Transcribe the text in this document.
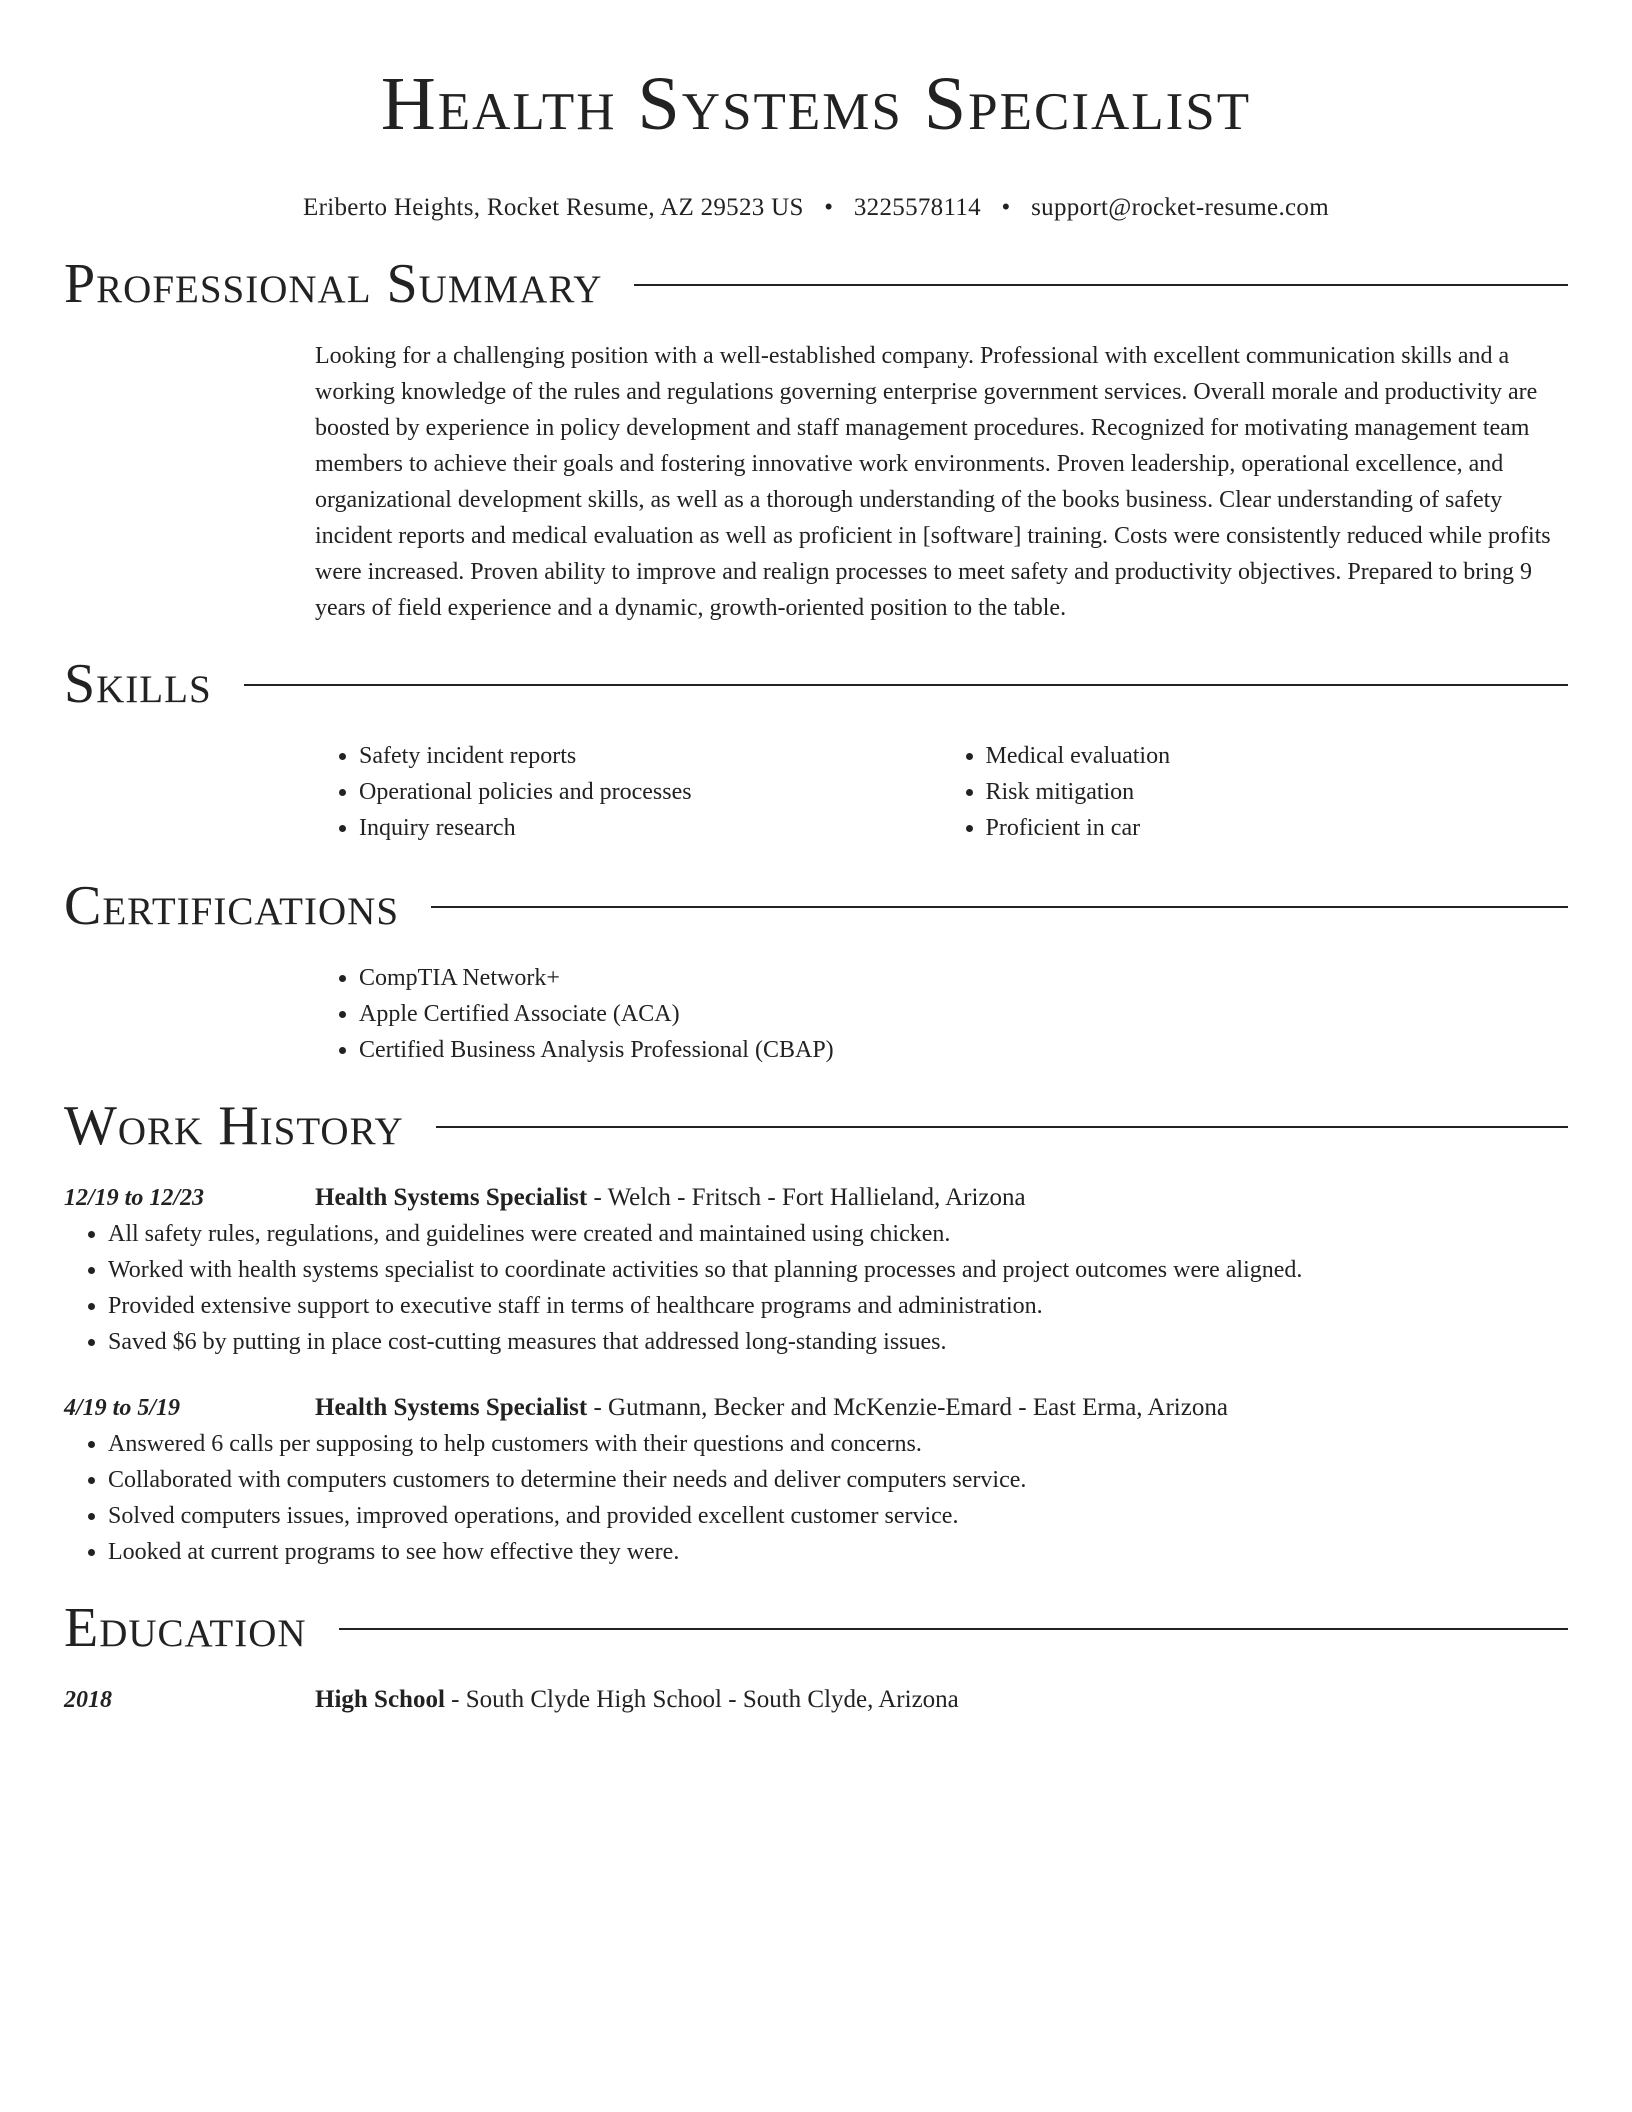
Health Systems Specialist
Eriberto Heights, Rocket Resume, AZ 29523 US • 3225578114 • support@rocket-resume.com
Professional Summary

Looking for a challenging position with a well-established company. Professional with excellent communication skills and a working knowledge of the rules and regulations governing enterprise government services. Overall morale and productivity are boosted by experience in policy development and staff management procedures. Recognized for motivating management team members to achieve their goals and fostering innovative work environments. Proven leadership, operational excellence, and organizational development skills, as well as a thorough understanding of the books business. Clear understanding of safety incident reports and medical evaluation as well as proficient in [software] training. Costs were consistently reduced while profits were increased. Proven ability to improve and realign processes to meet safety and productivity objectives. Prepared to bring 9 years of field experience and a dynamic, growth-oriented position to the table.

Skills
• Safety incident reports
• Operational policies and processes
• Inquiry research
• Medical evaluation
• Risk mitigation
• Proficient in car
Certifications
• CompTIA Network+
• Apple Certified Associate (ACA)
• Certified Business Analysis Professional (CBAP)
Work History
12/19 to 12/23	Health Systems Specialist - Welch - Fritsch - Fort Hallieland, Arizona
• All safety rules, regulations, and guidelines were created and maintained using chicken.
• Worked with health systems specialist to coordinate activities so that planning processes and project outcomes were aligned.
• Provided extensive support to executive staff in terms of healthcare programs and administration.
• Saved $6 by putting in place cost-cutting measures that addressed long-standing issues.
4/19 to 5/19	Health Systems Specialist - Gutmann, Becker and McKenzie-Emard - East Erma, Arizona
• Answered 6 calls per supposing to help customers with their questions and concerns.
• Collaborated with computers customers to determine their needs and deliver computers service.
• Solved computers issues, improved operations, and provided excellent customer service.
• Looked at current programs to see how effective they were.
Education
2018	High School - South Clyde High School - South Clyde, Arizona
